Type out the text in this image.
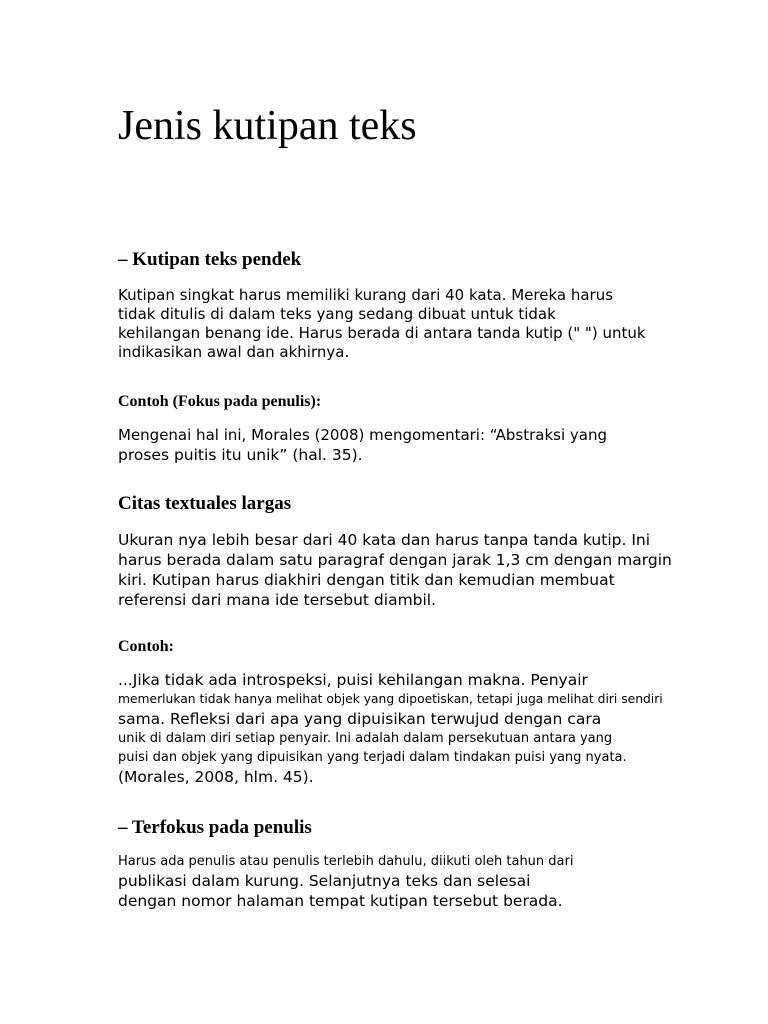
Jenis kutipan teks
– Kutipan teks pendek

Kutipan singkat harus memiliki kurang dari 40 kata. Mereka harus
tidak ditulis di dalam teks yang sedang dibuat untuk tidak
kehilangan benang ide. Harus berada di antara tanda kutip (" ") untuk
indikasikan awal dan akhirnya.

Contoh (Fokus pada penulis):

Mengenai hal ini, Morales (2008) mengomentari: “Abstraksi yang
proses puitis itu unik” (hal. 35).

Citas textuales largas

Ukuran nya lebih besar dari 40 kata dan harus tanpa tanda kutip. Ini
harus berada dalam satu paragraf dengan jarak 1,3 cm dengan margin
kiri. Kutipan harus diakhiri dengan titik dan kemudian membuat
referensi dari mana ide tersebut diambil.

Contoh:

...Jika tidak ada introspeksi, puisi kehilangan makna. Penyair
memerlukan tidak hanya melihat objek yang dipoetiskan, tetapi juga melihat diri sendiri
sama. Refleksi dari apa yang dipuisikan terwujud dengan cara
unik di dalam diri setiap penyair. Ini adalah dalam persekutuan antara yang
puisi dan objek yang dipuisikan yang terjadi dalam tindakan puisi yang nyata.
(Morales, 2008, hlm. 45).

– Terfokus pada penulis

Harus ada penulis atau penulis terlebih dahulu, diikuti oleh tahun dari
publikasi dalam kurung. Selanjutnya teks dan selesai
dengan nomor halaman tempat kutipan tersebut berada.
